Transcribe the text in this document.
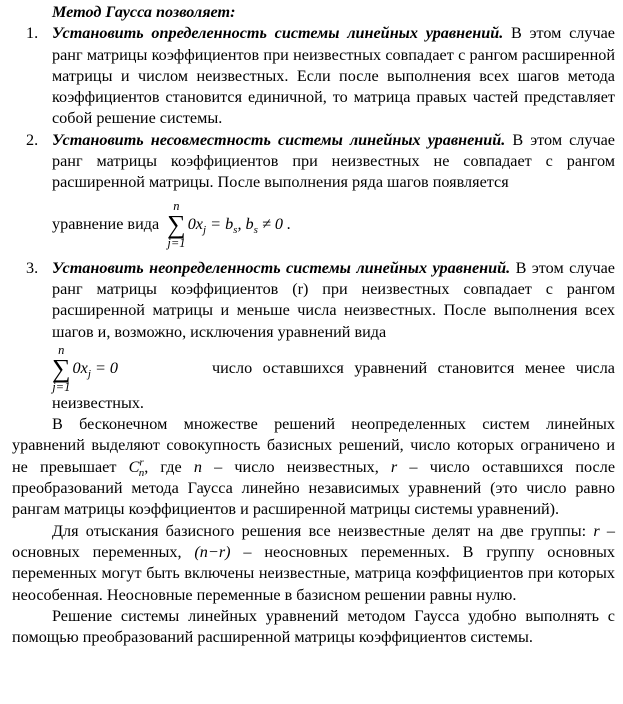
Метод Гаусса позволяет:
1. Установить определенность системы линейных уравнений. В этом случае ранг матрицы коэффициентов при неизвестных совпадает с рангом расширенной матрицы и числом неизвестных. Если после выполнения всех шагов метода коэффициентов становится единичной, то матрица правых частей представляет собой решение системы.
2. Установить несовместность системы линейных уравнений. В этом случае ранг матрицы коэффициентов при неизвестных не совпадает с рангом расширенной матрицы. После выполнения ряда шагов появляется
уравнение вида
n
∑
j=1
$0x_j = b_s$, $b_s \ne 0$ .
3. Установить неопределенность системы линейных уравнений. В этом случае ранг матрицы коэффициентов (r) при неизвестных совпадает с рангом расширенной матрицы и меньше числа неизвестных. После выполнения всех шагов и, возможно, исключения уравнений вида
n
∑
j=1
$0x_j = 0$	число оставшихся уравнений становится менее числа
неизвестных.

В бесконечном множестве решений неопределенных систем линейных уравнений выделяют совокупность базисных решений, число которых ограничено и не превышает $C^r_n$, где n – число неизвестных, r – число оставшихся после преобразований метода Гаусса линейно независимых уравнений (это число равно рангам матрицы коэффициентов и расширенной матрицы системы уравнений).

Для отыскания базисного решения все неизвестные делят на две группы: r – основных переменных, (n−r) – неосновных переменных. В группу основных переменных могут быть включены неизвестные, матрица коэффициентов при которых неособенная. Неосновные переменные в базисном решении равны нулю.

Решение системы линейных уравнений методом Гаусса удобно выполнять с помощью преобразований расширенной матрицы коэффициентов системы.
